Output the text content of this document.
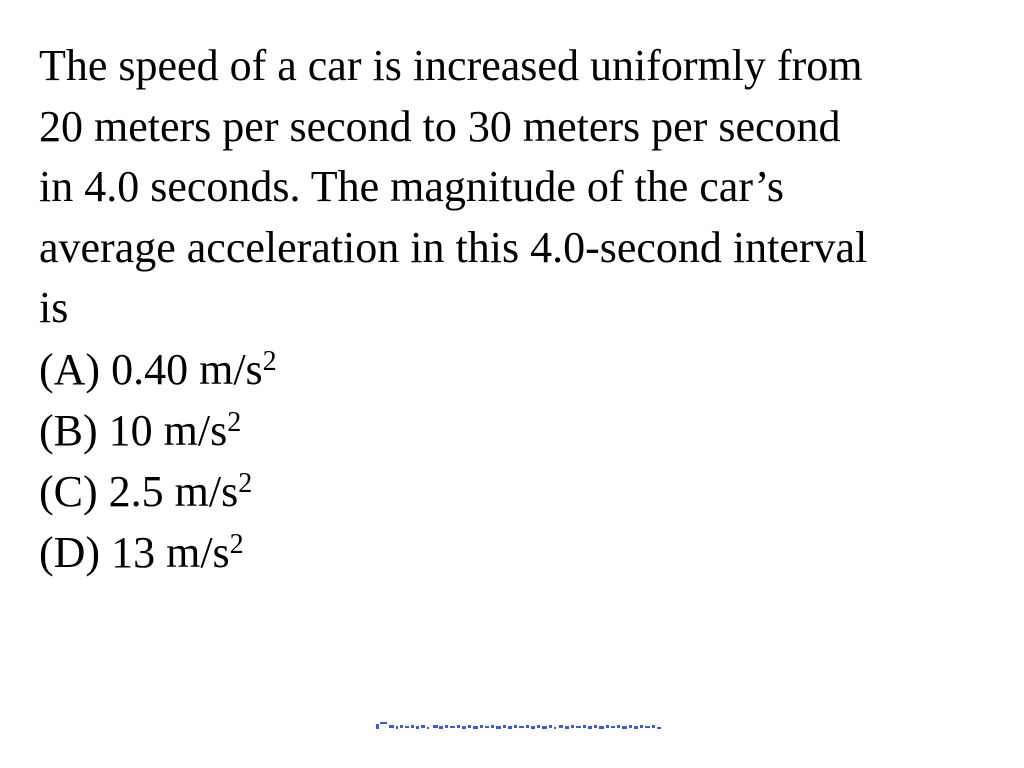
The speed of a car is increased uniformly from
20 meters per second to 30 meters per second
in 4.0 seconds. The magnitude of the car’s
average acceleration in this 4.0-second interval
is

(A) 0.40 $m/s^2$
(B) 10 $m/s^2$
(C) 2.5 $m/s^2$
(D) 13 $m/s^2$
